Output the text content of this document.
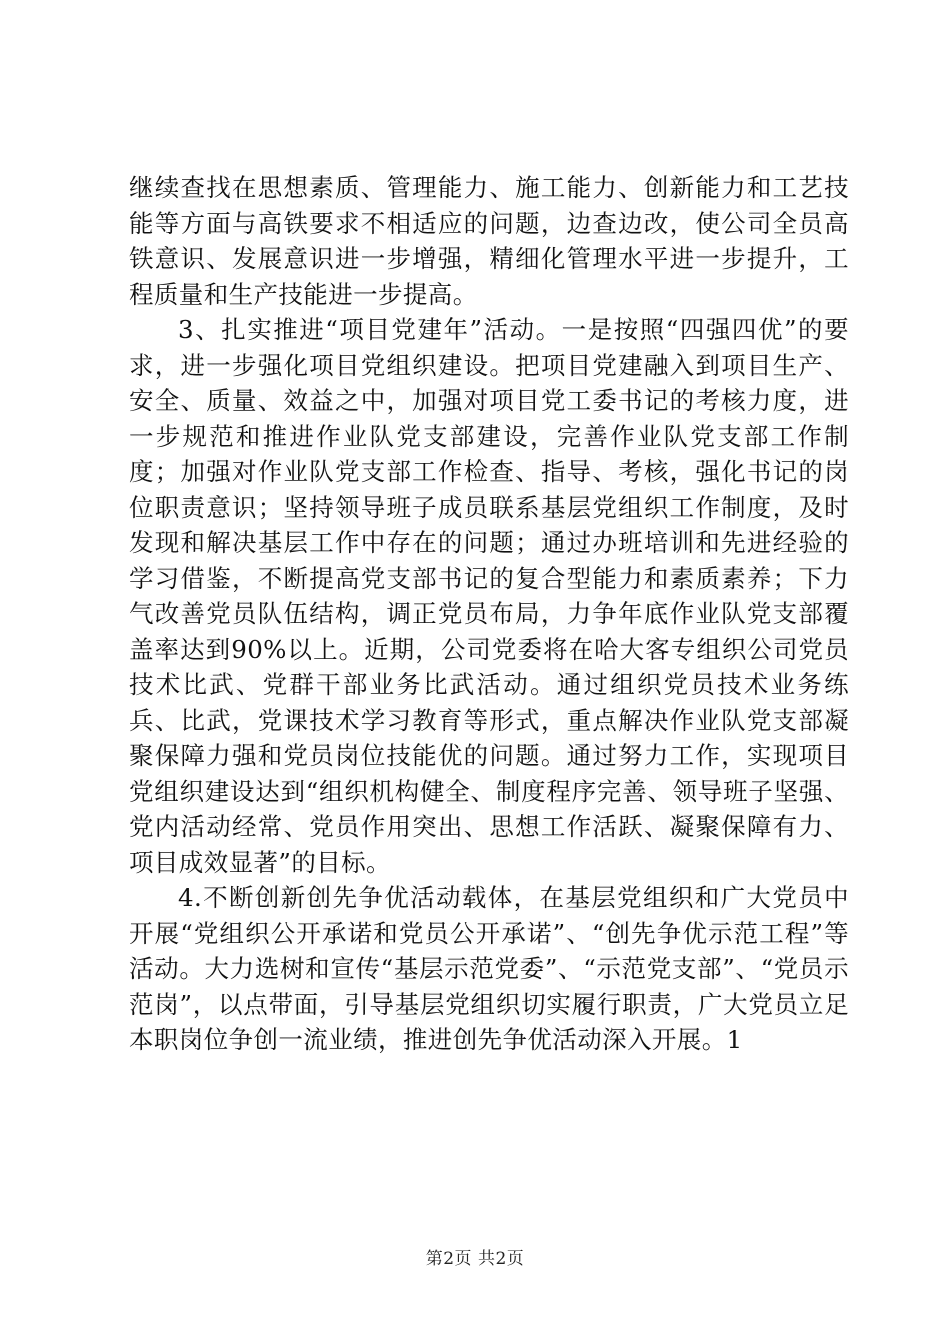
继续查找在思想素质、管理能力、施工能力、创新能力和工艺技能等方面与高铁要求不相适应的问题，边查边改，使公司全员高铁意识、发展意识进一步增强，精细化管理水平进一步提升，工程质量和生产技能进一步提高。

3、扎实推进“项目党建年”活动。一是按照“四强四优”的要求，进一步强化项目党组织建设。把项目党建融入到项目生产、安全、质量、效益之中，加强对项目党工委书记的考核力度，进一步规范和推进作业队党支部建设，完善作业队党支部工作制度；加强对作业队党支部工作检查、指导、考核，强化书记的岗位职责意识；坚持领导班子成员联系基层党组织工作制度，及时发现和解决基层工作中存在的问题；通过办班培训和先进经验的学习借鉴，不断提高党支部书记的复合型能力和素质素养；下力气改善党员队伍结构，调正党员布局，力争年底作业队党支部覆盖率达到90%以上。近期，公司党委将在哈大客专组织公司党员技术比武、党群干部业务比武活动。通过组织党员技术业务练兵、比武，党课技术学习教育等形式，重点解决作业队党支部凝聚保障力强和党员岗位技能优的问题。通过努力工作，实现项目党组织建设达到“组织机构健全、制度程序完善、领导班子坚强、党内活动经常、党员作用突出、思想工作活跃、凝聚保障有力、项目成效显著”的目标。

4.不断创新创先争优活动载体，在基层党组织和广大党员中开展“党组织公开承诺和党员公开承诺”、“创先争优示范工程”等活动。大力选树和宣传“基层示范党委”、“示范党支部”、“党员示范岗”，以点带面，引导基层党组织切实履行职责，广大党员立足本职岗位争创一流业绩，推进创先争优活动深入开展。1

第2页 共2页
